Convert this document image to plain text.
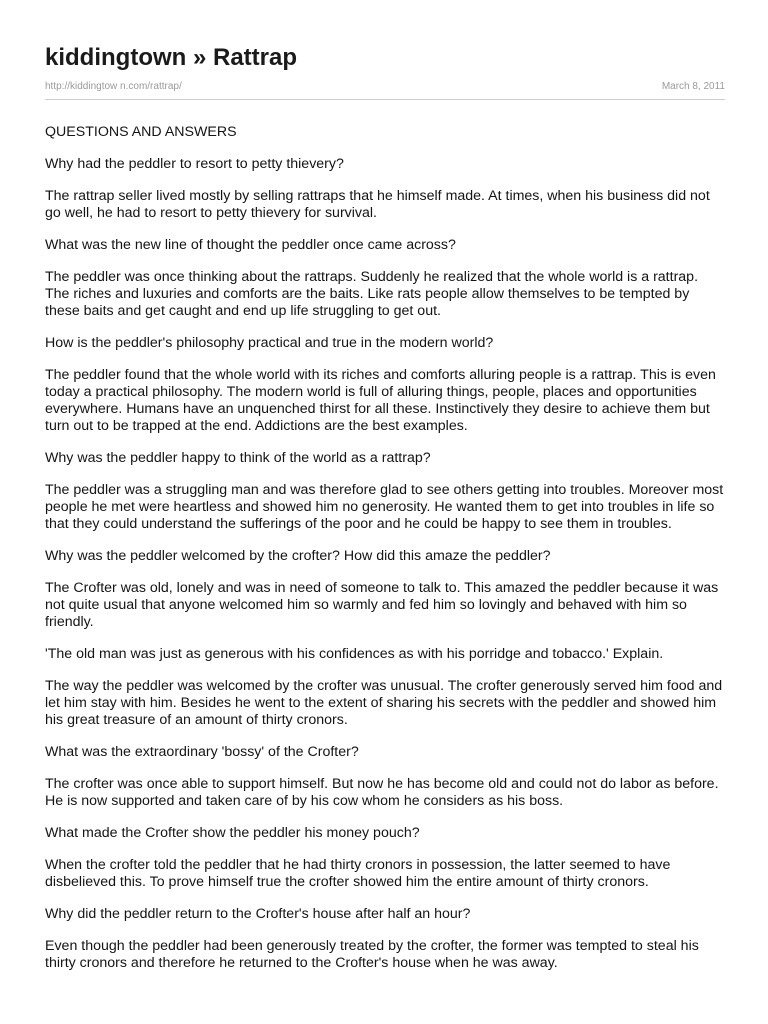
kiddingtown » Rattrap
http://kiddingtow n.com/rattrap/	March 8, 2011

QUESTIONS AND ANSWERS

Why had the peddler to resort to petty thievery?

The rattrap seller lived mostly by selling rattraps that he himself made. At times, when his business did not go well, he had to resort to petty thievery for survival.

What was the new line of thought the peddler once came across?

The peddler was once thinking about the rattraps. Suddenly he realized that the whole world is a rattrap. The riches and luxuries and comforts are the baits. Like rats people allow themselves to be tempted by these baits and get caught and end up life struggling to get out.

How is the peddler's philosophy practical and true in the modern world?

The peddler found that the whole world with its riches and comforts alluring people is a rattrap. This is even today a practical philosophy. The modern world is full of alluring things, people, places and opportunities everywhere. Humans have an unquenched thirst for all these. Instinctively they desire to achieve them but turn out to be trapped at the end. Addictions are the best examples.

Why was the peddler happy to think of the world as a rattrap?

The peddler was a struggling man and was therefore glad to see others getting into troubles. Moreover most people he met were heartless and showed him no generosity. He wanted them to get into troubles in life so that they could understand the sufferings of the poor and he could be happy to see them in troubles.

Why was the peddler welcomed by the crofter? How did this amaze the peddler?

The Crofter was old, lonely and was in need of someone to talk to. This amazed the peddler because it was not quite usual that anyone welcomed him so warmly and fed him so lovingly and behaved with him so friendly.

'The old man was just as generous with his confidences as with his porridge and tobacco.' Explain.

The way the peddler was welcomed by the crofter was unusual. The crofter generously served him food and let him stay with him. Besides he went to the extent of sharing his secrets with the peddler and showed him his great treasure of an amount of thirty cronors.

What was the extraordinary 'bossy' of the Crofter?

The crofter was once able to support himself. But now he has become old and could not do labor as before. He is now supported and taken care of by his cow whom he considers as his boss.

What made the Crofter show the peddler his money pouch?

When the crofter told the peddler that he had thirty cronors in possession, the latter seemed to have disbelieved this. To prove himself true the crofter showed him the entire amount of thirty cronors.

Why did the peddler return to the Crofter's house after half an hour?

Even though the peddler had been generously treated by the crofter, the former was tempted to steal his thirty cronors and therefore he returned to the Crofter's house when he was away.
